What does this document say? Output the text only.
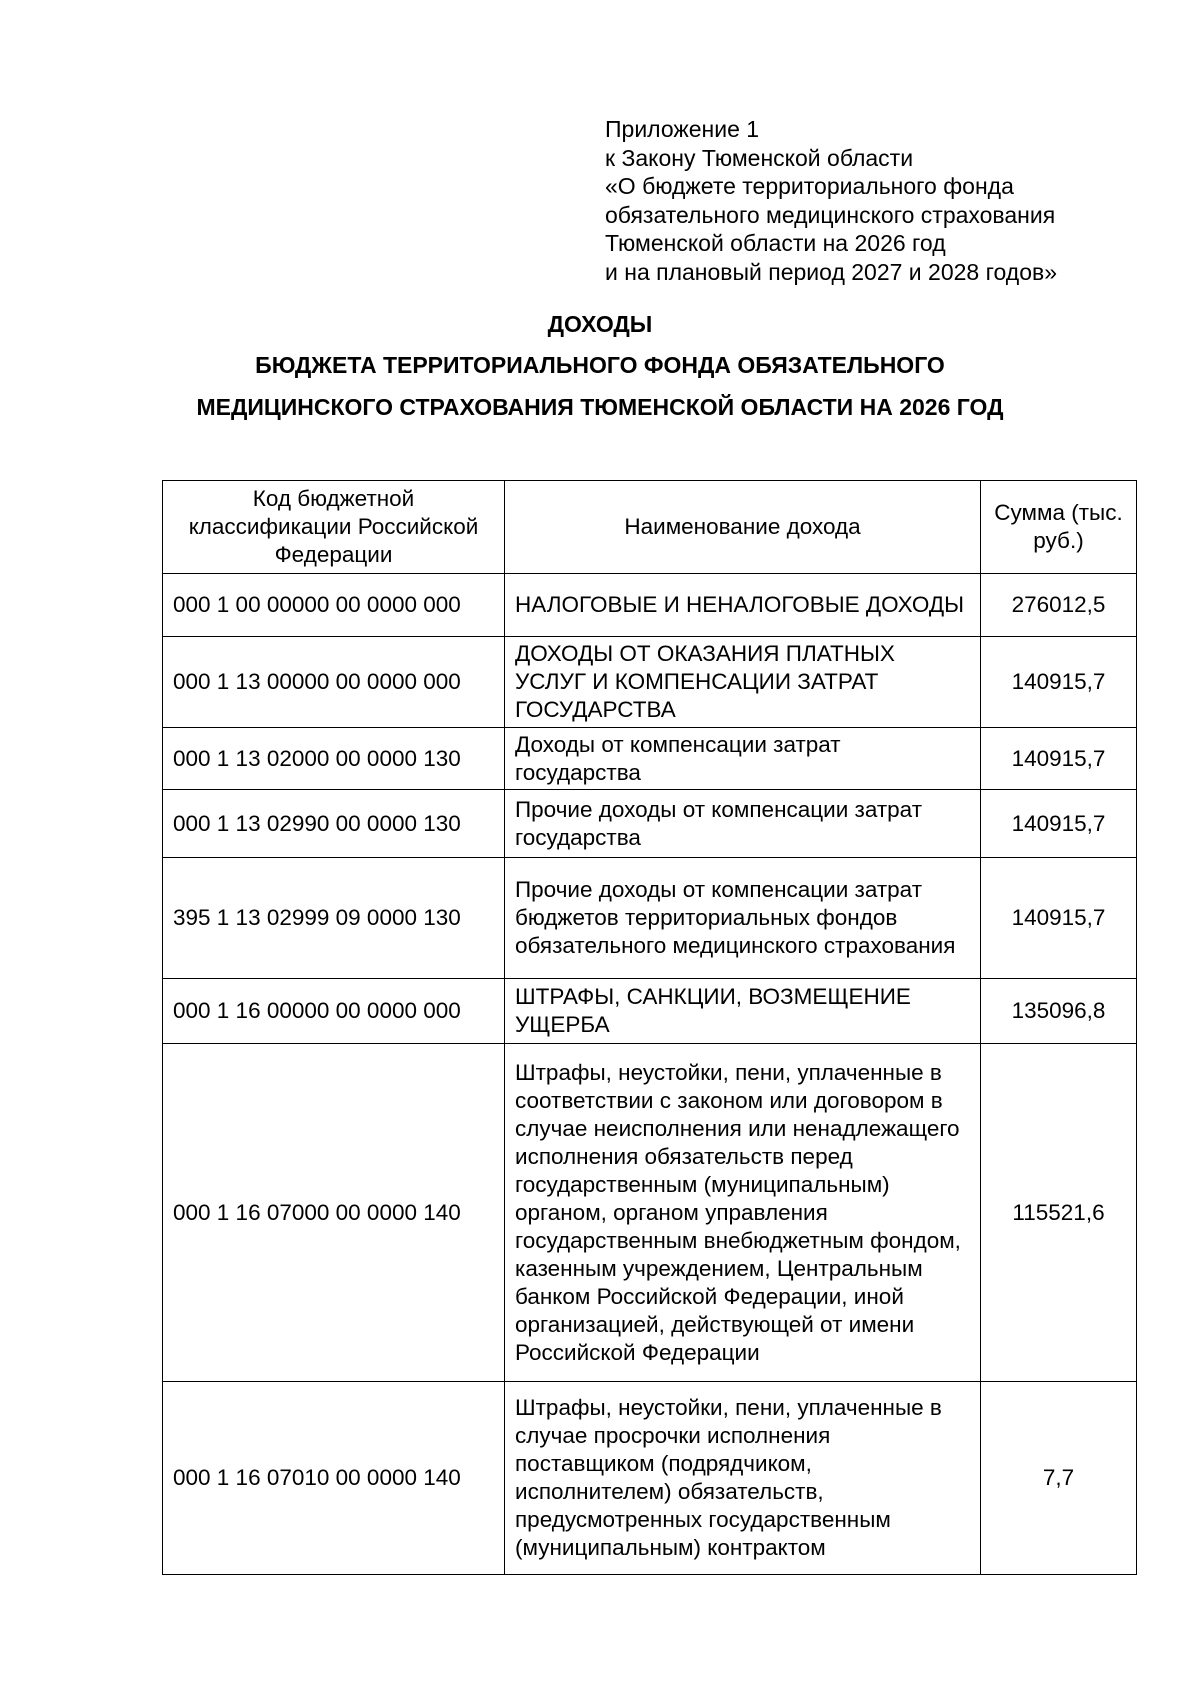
Приложение 1
к Закону Тюменской области
«О бюджете территориального фонда
обязательного медицинского страхования
Тюменской области на 2026 год
и на плановый период 2027 и 2028 годов»
ДОХОДЫ
БЮДЖЕТА ТЕРРИТОРИАЛЬНОГО ФОНДА ОБЯЗАТЕЛЬНОГО
МЕДИЦИНСКОГО СТРАХОВАНИЯ ТЮМЕНСКОЙ ОБЛАСТИ НА 2026 ГОД
Код бюджетной классификации Российской Федерации	Наименование дохода	Сумма (тыс. руб.)
000 1 00 00000 00 0000 000	НАЛОГОВЫЕ И НЕНАЛОГОВЫЕ ДОХОДЫ	276012,5
000 1 13 00000 00 0000 000	ДОХОДЫ ОТ ОКАЗАНИЯ ПЛАТНЫХ УСЛУГ И КОМПЕНСАЦИИ ЗАТРАТ ГОСУДАРСТВА	140915,7
000 1 13 02000 00 0000 130	Доходы от компенсации затрат государства	140915,7
000 1 13 02990 00 0000 130	Прочие доходы от компенсации затрат государства	140915,7
395 1 13 02999 09 0000 130	Прочие доходы от компенсации затрат бюджетов территориальных фондов обязательного медицинского страхования	140915,7
000 1 16 00000 00 0000 000	ШТРАФЫ, САНКЦИИ, ВОЗМЕЩЕНИЕ УЩЕРБА	135096,8
000 1 16 07000 00 0000 140	Штрафы, неустойки, пени, уплаченные в соответствии с законом или договором в случае неисполнения или ненадлежащего исполнения обязательств перед государственным (муниципальным) органом, органом управления государственным внебюджетным фондом, казенным учреждением, Центральным банком Российской Федерации, иной организацией, действующей от имени Российской Федерации	115521,6
000 1 16 07010 00 0000 140	Штрафы, неустойки, пени, уплаченные в случае просрочки исполнения поставщиком (подрядчиком, исполнителем) обязательств, предусмотренных государственным (муниципальным) контрактом	7,7
